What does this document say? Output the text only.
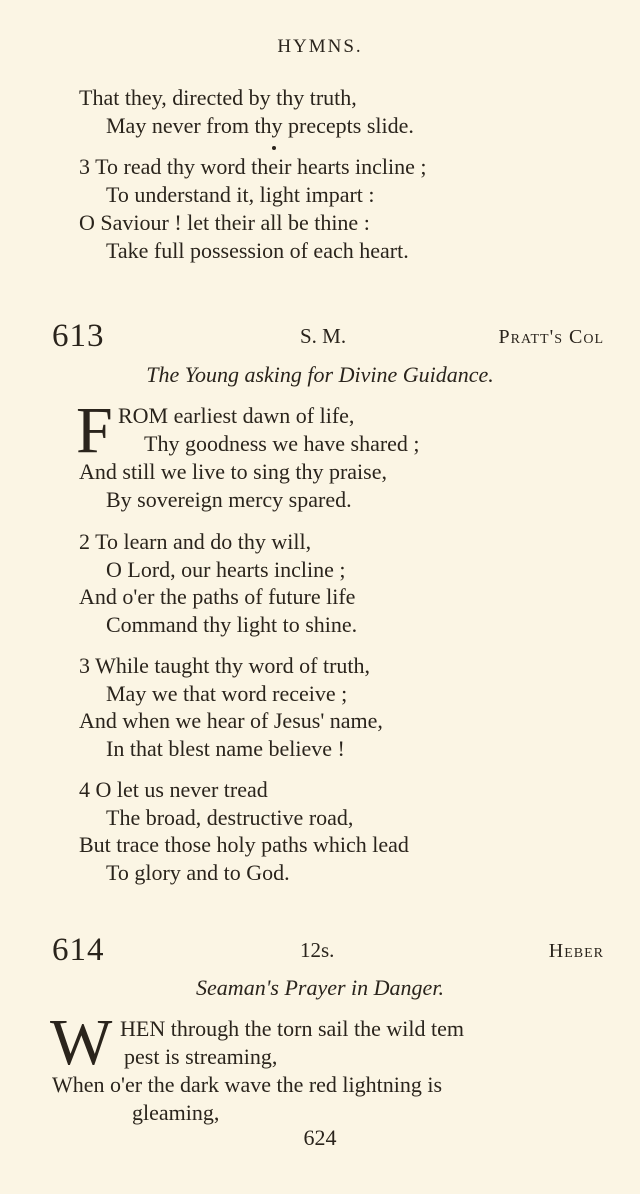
HYMNS.
That they, directed by thy truth,
May never from thy precepts slide.
3 To read thy word their hearts incline ;
To understand it, light impart :
O Saviour ! let their all be thine :
Take full possession of each heart.
613	S. M.	Pratt's Col
The Young asking for Divine Guidance.
F ROM earliest dawn of life,
Thy goodness we have shared ;
And still we live to sing thy praise,
By sovereign mercy spared.
2 To learn and do thy will,
O Lord, our hearts incline ;
And o'er the paths of future life
Command thy light to shine.
3 While taught thy word of truth,
May we that word receive ;
And when we hear of Jesus' name,
In that blest name believe !
4 O let us never tread
The broad, destructive road,
But trace those holy paths which lead
To glory and to God.
614	12s.	Heber
Seaman's Prayer in Danger.
W HEN through the torn sail the wild tem
pest is streaming,
When o'er the dark wave the red lightning is
gleaming,
624
